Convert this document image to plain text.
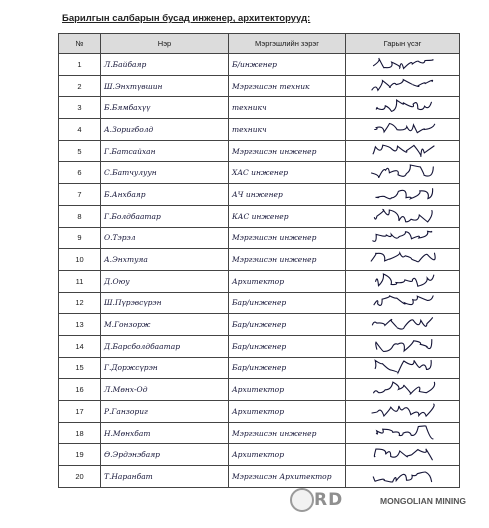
Барилгын салбарын бусад инженер, архитекторууд:
№	Нэр	Мэргэшлийн зэрэг	Гарын үсэг
1	Л.Байбаяр	Б/инженер	
2	Ш.Энхтүвшин	Мэргэшсэн техник	
3	Б.Бямбахүү	техникч	
4	А.Зоригболд	техникч	
5	Г.Батсайхан	Мэргэшсэн инженер	
6	С.Батчулуун	ХАС инженер	
7	Б.Анхбаяр	АЧ инженер	
8	Г.Болдбаатар	КАС инженер	
9	О.Тэрэл	Мэргэшсэн инженер	
10	А.Энхтуяа	Мэргэшсэн инженер	
11	Д.Оюу	Архитектор	
12	Ш.Пүрэвсүрэн	Бар/инженер	
13	М.Гонзорж	Бар/инженер	
14	Д.Барсболдбаатар	Бар/инженер	
15	Г.Доржсүрэн	Бар/инженер	
16	Л.Мөнх-Од	Архитектор	
17	Р.Ганзориг	Архитектор	
18	Н.Мөнхбат	Мэргэшсэн инженер	
19	Ө.Эрдэнэбаяр	Архитектор	
20	Т.Наранбат	Мэргэшсэн Архитектор	
RD	MONGOLIAN MINING
